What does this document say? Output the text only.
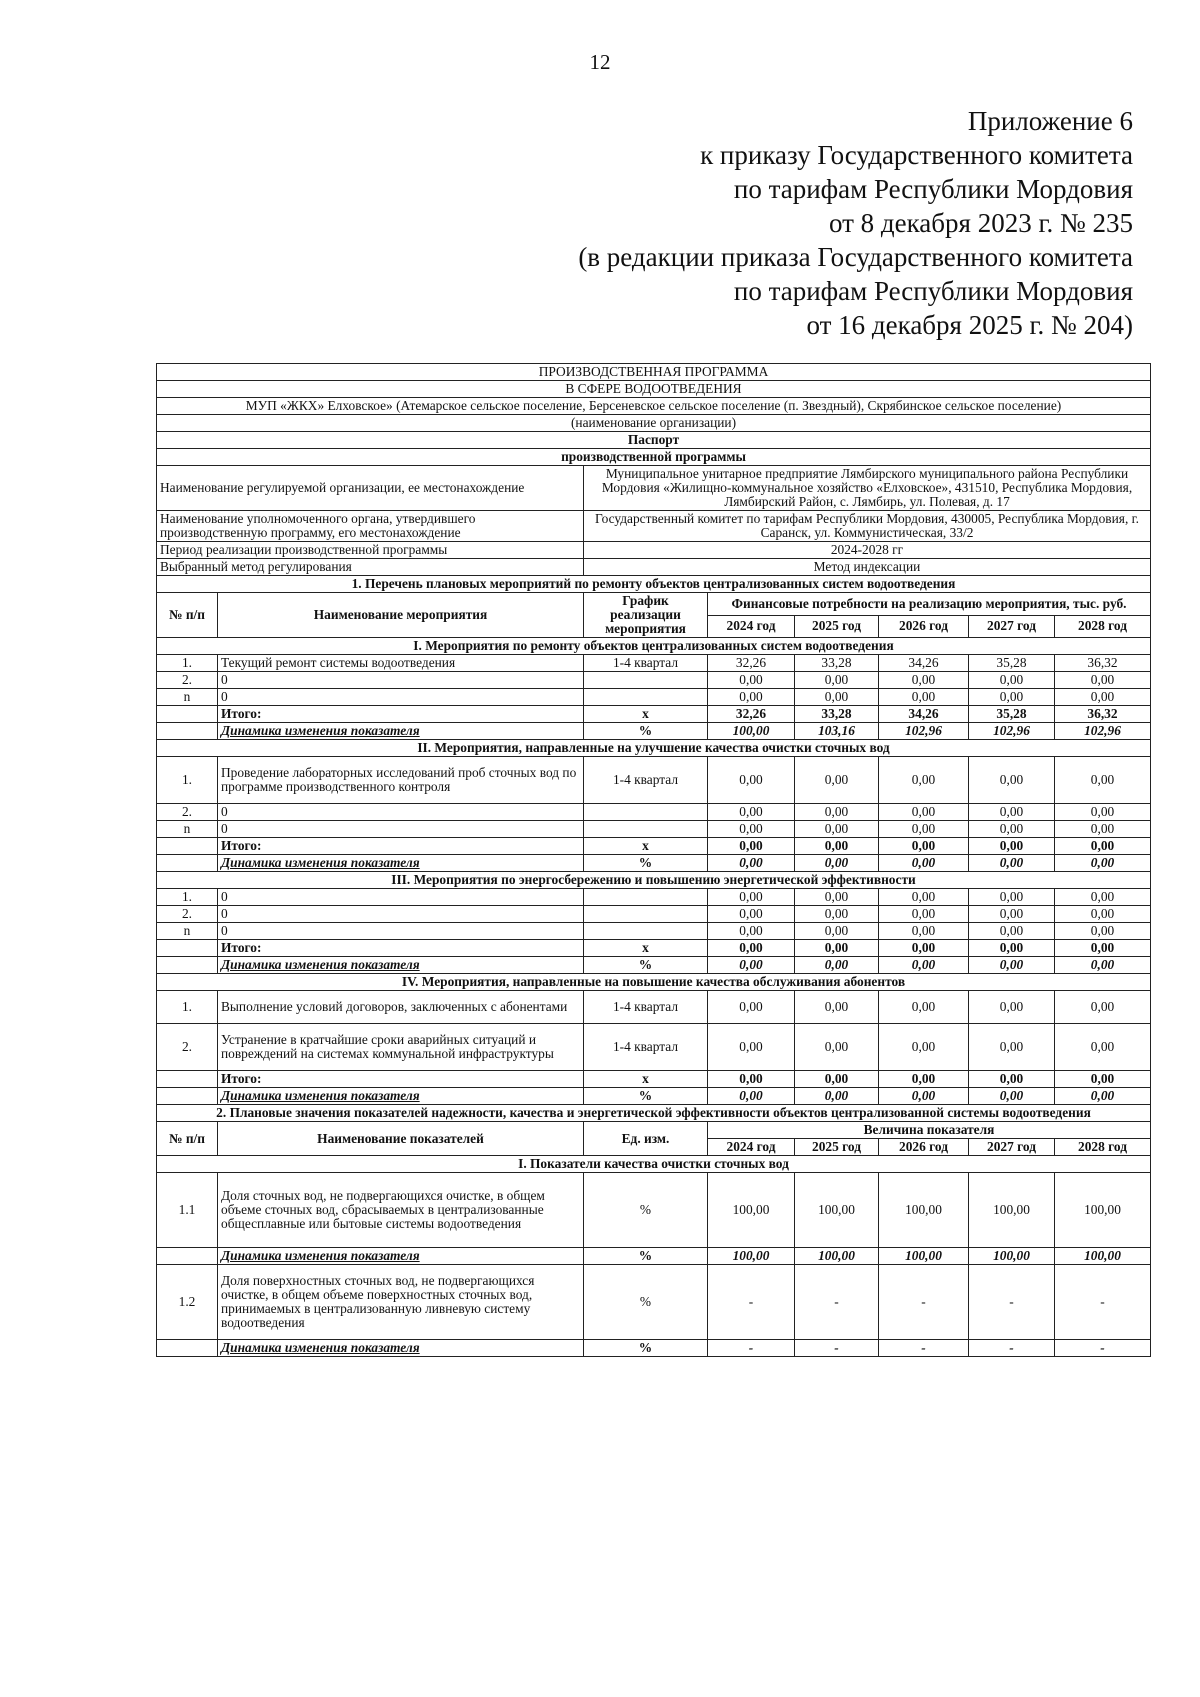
12
Приложение 6
к приказу Государственного комитета
по тарифам Республики Мордовия
от 8 декабря 2023 г. № 235
(в редакции приказа Государственного комитета
по тарифам Республики Мордовия
от 16 декабря 2025 г. № 204)
ПРОИЗВОДСТВЕННАЯ ПРОГРАММА							
В СФЕРЕ ВОДООТВЕДЕНИЯ							
МУП «ЖКХ» Елховское» (Атемарское сельское поселение, Берсеневское сельское поселение (п. Звездный), Скрябинское сельское поселение)							
(наименование организации)							
Паспорт							
производственной программы							
Наименование регулируемой организации, ее местонахождение		Муниципальное унитарное предприятие Лямбирского муниципального района Республики Мордовия «Жилищно-коммунальное хозяйство «Елховское», 431510, Республика Мордовия, Лямбирский Район, с. Лямбирь, ул. Полевая, д. 17					
Наименование уполномоченного органа, утвердившего производственную программу, его местонахождение		Государственный комитет по тарифам Республики Мордовия, 430005, Республика Мордовия, г. Саранск, ул. Коммунистическая, 33/2					
Период реализации производственной программы		2024-2028 гг					
Выбранный метод регулирования		Метод индексации					
1. Перечень плановых мероприятий по ремонту объектов централизованных систем водоотведения							
№ п/п	Наименование мероприятия	График реализации мероприятия	Финансовые потребности на реализацию мероприятия, тыс. руб.				
			2024 год	2025 год	2026 год	2027 год	2028 год
I. Мероприятия по ремонту объектов централизованных систем водоотведения							
1.	Текущий ремонт системы водоотведения	1-4 квартал	32,26	33,28	34,26	35,28	36,32
2.	0		0,00	0,00	0,00	0,00	0,00
n	0		0,00	0,00	0,00	0,00	0,00
	Итого:	x	32,26	33,28	34,26	35,28	36,32
	Динамика изменения показателя	%	100,00	103,16	102,96	102,96	102,96
II. Мероприятия, направленные на улучшение качества очистки сточных вод							
1.	Проведение лабораторных исследований проб сточных вод по программе производственного контроля	1-4 квартал	0,00	0,00	0,00	0,00	0,00
2.	0		0,00	0,00	0,00	0,00	0,00
n	0		0,00	0,00	0,00	0,00	0,00
	Итого:	x	0,00	0,00	0,00	0,00	0,00
	Динамика изменения показателя	%	0,00	0,00	0,00	0,00	0,00
III. Мероприятия по энергосбережению и повышению энергетической эффективности							
1.	0		0,00	0,00	0,00	0,00	0,00
2.	0		0,00	0,00	0,00	0,00	0,00
n	0		0,00	0,00	0,00	0,00	0,00
	Итого:	x	0,00	0,00	0,00	0,00	0,00
	Динамика изменения показателя	%	0,00	0,00	0,00	0,00	0,00
IV. Мероприятия, направленные на повышение качества обслуживания абонентов							
1.	Выполнение условий договоров, заключенных с абонентами	1-4 квартал	0,00	0,00	0,00	0,00	0,00
2.	Устранение в кратчайшие сроки аварийных ситуаций и повреждений на системах коммунальной инфраструктуры	1-4 квартал	0,00	0,00	0,00	0,00	0,00
	Итого:	x	0,00	0,00	0,00	0,00	0,00
	Динамика изменения показателя	%	0,00	0,00	0,00	0,00	0,00
2. Плановые значения показателей надежности, качества и энергетической эффективности объектов централизованной системы водоотведения							
№ п/п	Наименование показателей	Ед. изм.	Величина показателя				
			2024 год	2025 год	2026 год	2027 год	2028 год
I. Показатели качества очистки сточных вод							
1.1	Доля сточных вод, не подвергающихся очистке, в общем объеме сточных вод, сбрасываемых в централизованные общесплавные или бытовые системы водоотведения	%	100,00	100,00	100,00	100,00	100,00
	Динамика изменения показателя	%	100,00	100,00	100,00	100,00	100,00
1.2	Доля поверхностных сточных вод, не подвергающихся очистке, в общем объеме поверхностных сточных вод, принимаемых в централизованную ливневую систему водоотведения	%	-	-	-	-	-
	Динамика изменения показателя	%	-	-	-	-	-
